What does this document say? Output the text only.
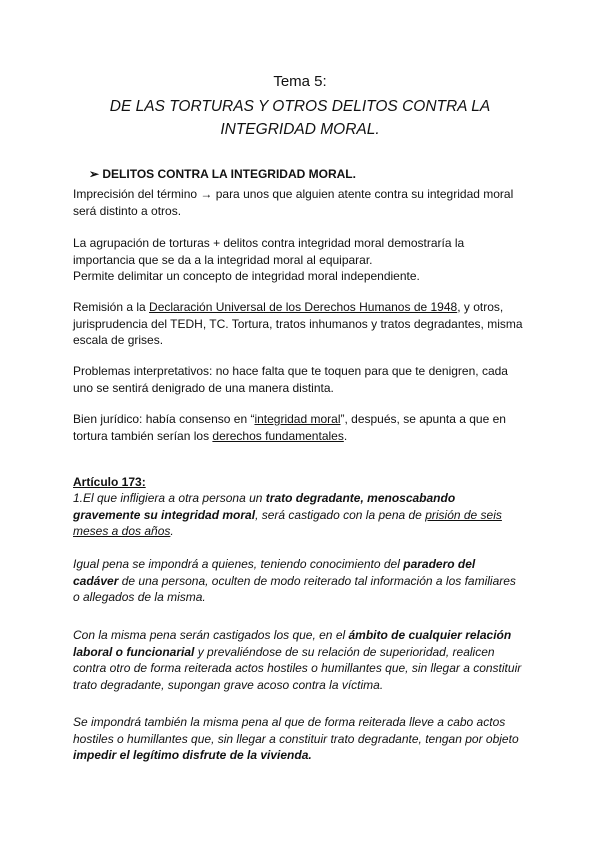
Tema 5:
DE LAS TORTURAS Y OTROS DELITOS CONTRA LA
INTEGRIDAD MORAL.
➢ DELITOS CONTRA LA INTEGRIDAD MORAL.
Imprecisión del término → para unos que alguien atente contra su integridad moral
será distinto a otros.
La agrupación de torturas + delitos contra integridad moral demostraría la
importancia que se da a la integridad moral al equiparar.
Permite delimitar un concepto de integridad moral independiente.
Remisión a la Declaración Universal de los Derechos Humanos de 1948, y otros,
jurisprudencia del TEDH, TC. Tortura, tratos inhumanos y tratos degradantes, misma
escala de grises.
Problemas interpretativos: no hace falta que te toquen para que te denigren, cada
uno se sentirá denigrado de una manera distinta.
Bien jurídico: había consenso en “integridad moral”, después, se apunta a que en
tortura también serían los derechos fundamentales.
Artículo 173:
1.El que infligiera a otra persona un trato degradante, menoscabando
gravemente su integridad moral, será castigado con la pena de prisión de seis
meses a dos años.
Igual pena se impondrá a quienes, teniendo conocimiento del paradero del
cadáver de una persona, oculten de modo reiterado tal información a los familiares
o allegados de la misma.
Con la misma pena serán castigados los que, en el ámbito de cualquier relación
laboral o funcionarial y prevaliéndose de su relación de superioridad, realicen
contra otro de forma reiterada actos hostiles o humillantes que, sin llegar a constituir
trato degradante, supongan grave acoso contra la víctima.
Se impondrá también la misma pena al que de forma reiterada lleve a cabo actos
hostiles o humillantes que, sin llegar a constituir trato degradante, tengan por objeto
impedir el legítimo disfrute de la vivienda.
